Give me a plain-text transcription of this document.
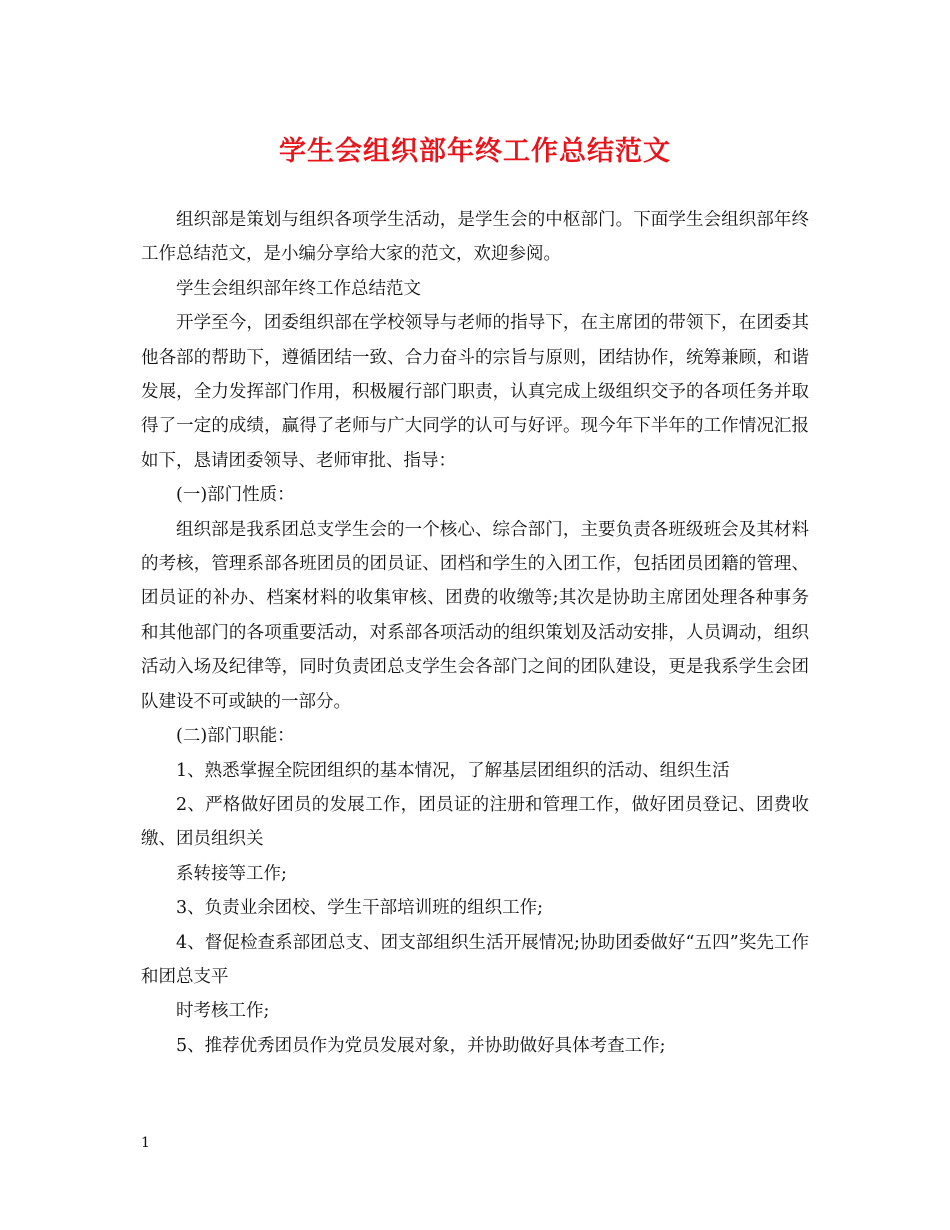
学生会组织部年终工作总结范文

组织部是策划与组织各项学生活动，是学生会的中枢部门。下面学生会组织部年终工作总结范文，是小编分享给大家的范文，欢迎参阅。

学生会组织部年终工作总结范文

开学至今，团委组织部在学校领导与老师的指导下，在主席团的带领下，在团委其他各部的帮助下，遵循团结一致、合力奋斗的宗旨与原则，团结协作，统筹兼顾，和谐发展，全力发挥部门作用，积极履行部门职责，认真完成上级组织交予的各项任务并取得了一定的成绩，赢得了老师与广大同学的认可与好评。现今年下半年的工作情况汇报如下，恳请团委领导、老师审批、指导：

(一)部门性质：

组织部是我系团总支学生会的一个核心、综合部门，主要负责各班级班会及其材料的考核，管理系部各班团员的团员证、团档和学生的入团工作，包括团员团籍的管理、团员证的补办、档案材料的收集审核、团费的收缴等;其次是协助主席团处理各种事务和其他部门的各项重要活动，对系部各项活动的组织策划及活动安排，人员调动，组织活动入场及纪律等，同时负责团总支学生会各部门之间的团队建设，更是我系学生会团队建设不可或缺的一部分。

(二)部门职能：

1、熟悉掌握全院团组织的基本情况，了解基层团组织的活动、组织生活

2、严格做好团员的发展工作，团员证的注册和管理工作，做好团员登记、团费收缴、团员组织关

系转接等工作;

3、负责业余团校、学生干部培训班的组织工作;

4、督促检查系部团总支、团支部组织生活开展情况;协助团委做好“五四”奖先工作和团总支平

时考核工作;

5、推荐优秀团员作为党员发展对象，并协助做好具体考查工作;

1
